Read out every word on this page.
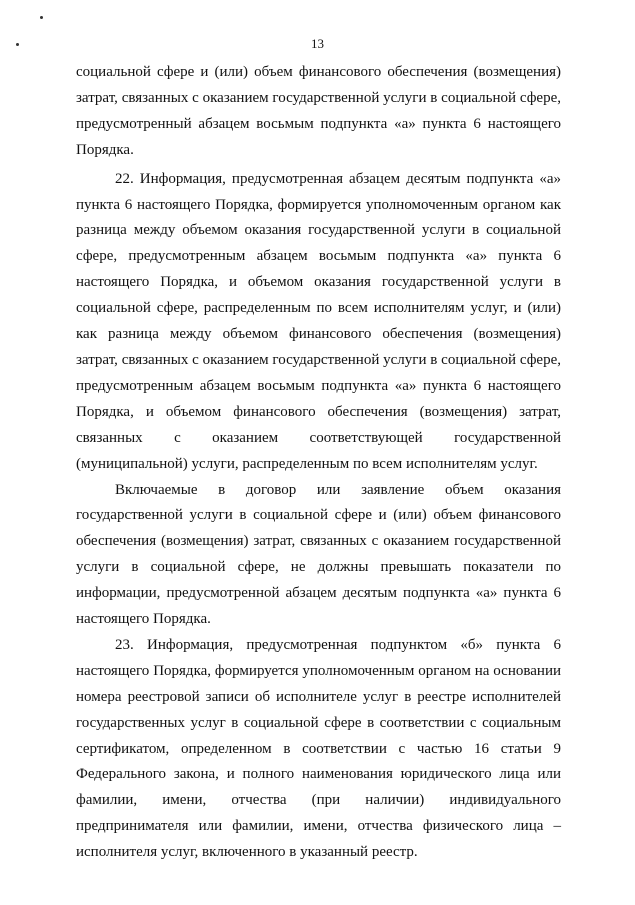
13

социальной сфере и (или) объем финансового обеспечения (возмещения) затрат, связанных с оказанием государственной услуги в социальной сфере, предусмотренный абзацем восьмым подпункта «а» пункта 6 настоящего Порядка.

22. Информация, предусмотренная абзацем десятым подпункта «а» пункта 6 настоящего Порядка, формируется уполномоченным органом как разница между объемом оказания государственной услуги в социальной сфере, предусмотренным абзацем восьмым подпункта «а» пункта 6 настоящего Порядка, и объемом оказания государственной услуги в социальной сфере, распределенным по всем исполнителям услуг, и (или) как разница между объемом финансового обеспечения (возмещения) затрат, связанных с оказанием государственной услуги в социальной сфере, предусмотренным абзацем восьмым подпункта «а» пункта 6 настоящего Порядка, и объемом финансового обеспечения (возмещения) затрат, связанных с оказанием соответствующей государственной (муниципальной) услуги, распределенным по всем исполнителям услуг.

Включаемые в договор или заявление объем оказания государственной услуги в социальной сфере и (или) объем финансового обеспечения (возмещения) затрат, связанных с оказанием государственной услуги в социальной сфере, не должны превышать показатели по информации, предусмотренной абзацем десятым подпункта «а» пункта 6 настоящего Порядка.

23. Информация, предусмотренная подпунктом «б» пункта 6 настоящего Порядка, формируется уполномоченным органом на основании номера реестровой записи об исполнителе услуг в реестре исполнителей государственных услуг в социальной сфере в соответствии с социальным сертификатом, определенном в соответствии с частью 16 статьи 9 Федерального закона, и полного наименования юридического лица или фамилии, имени, отчества (при наличии) индивидуального предпринимателя или фамилии, имени, отчества физического лица – исполнителя услуг, включенного в указанный реестр.
